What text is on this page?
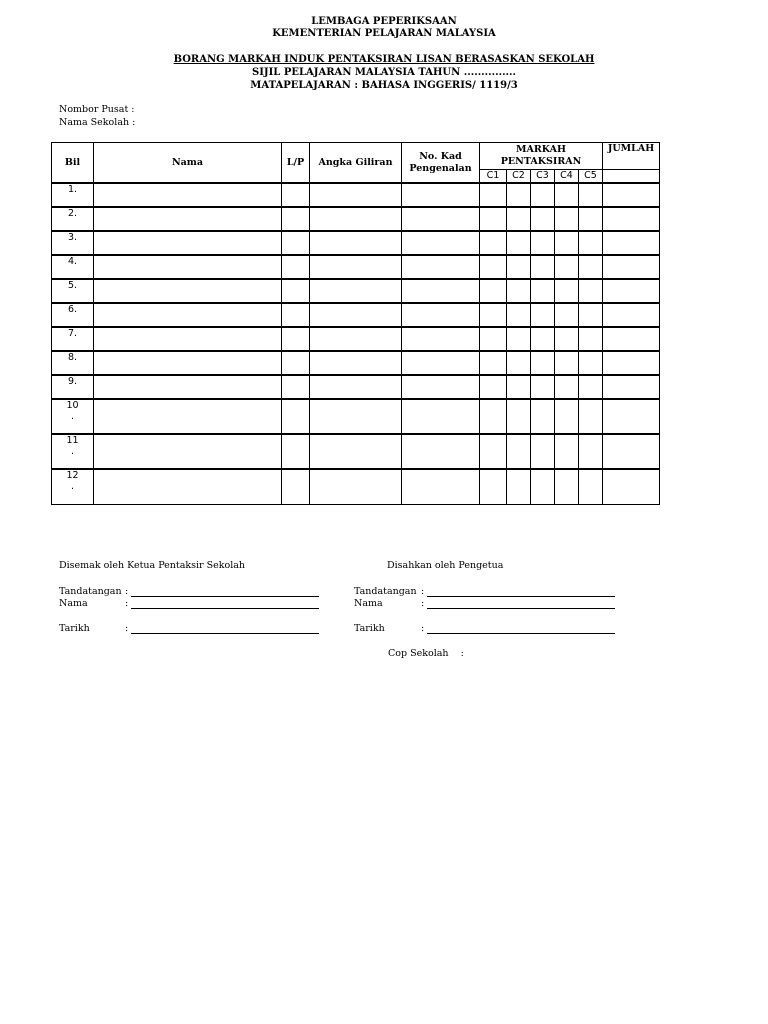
LEMBAGA PEPERIKSAAN
KEMENTERIAN PELAJARAN MALAYSIA
BORANG MARKAH INDUK PENTAKSIRAN LISAN BERASASKAN SEKOLAH
SIJIL PELAJARAN MALAYSIA TAHUN ...............
MATAPELAJARAN : BAHASA INGGERIS/ 1119/3
Nombor Pusat :
Nama Sekolah :
Bil	Nama	L/P	Angka Giliran	No. Kad Pengenalan	MARKAH PENTAKSIRAN					JUMLAH
					C1	C2	C3	C4	C5	
1.										
2.										
3.										
4.										
5.										
6.										
7.										
8.										
9.										
10
.										
11
.										
12
.										
Disemak oleh Ketua Pentaksir Sekolah	Disahkan oleh Pengetua
Tandatangan :
Nama	:
Tarikh	:
Tandatangan :
Nama	:
Tarikh	:
Cop Sekolah    :
